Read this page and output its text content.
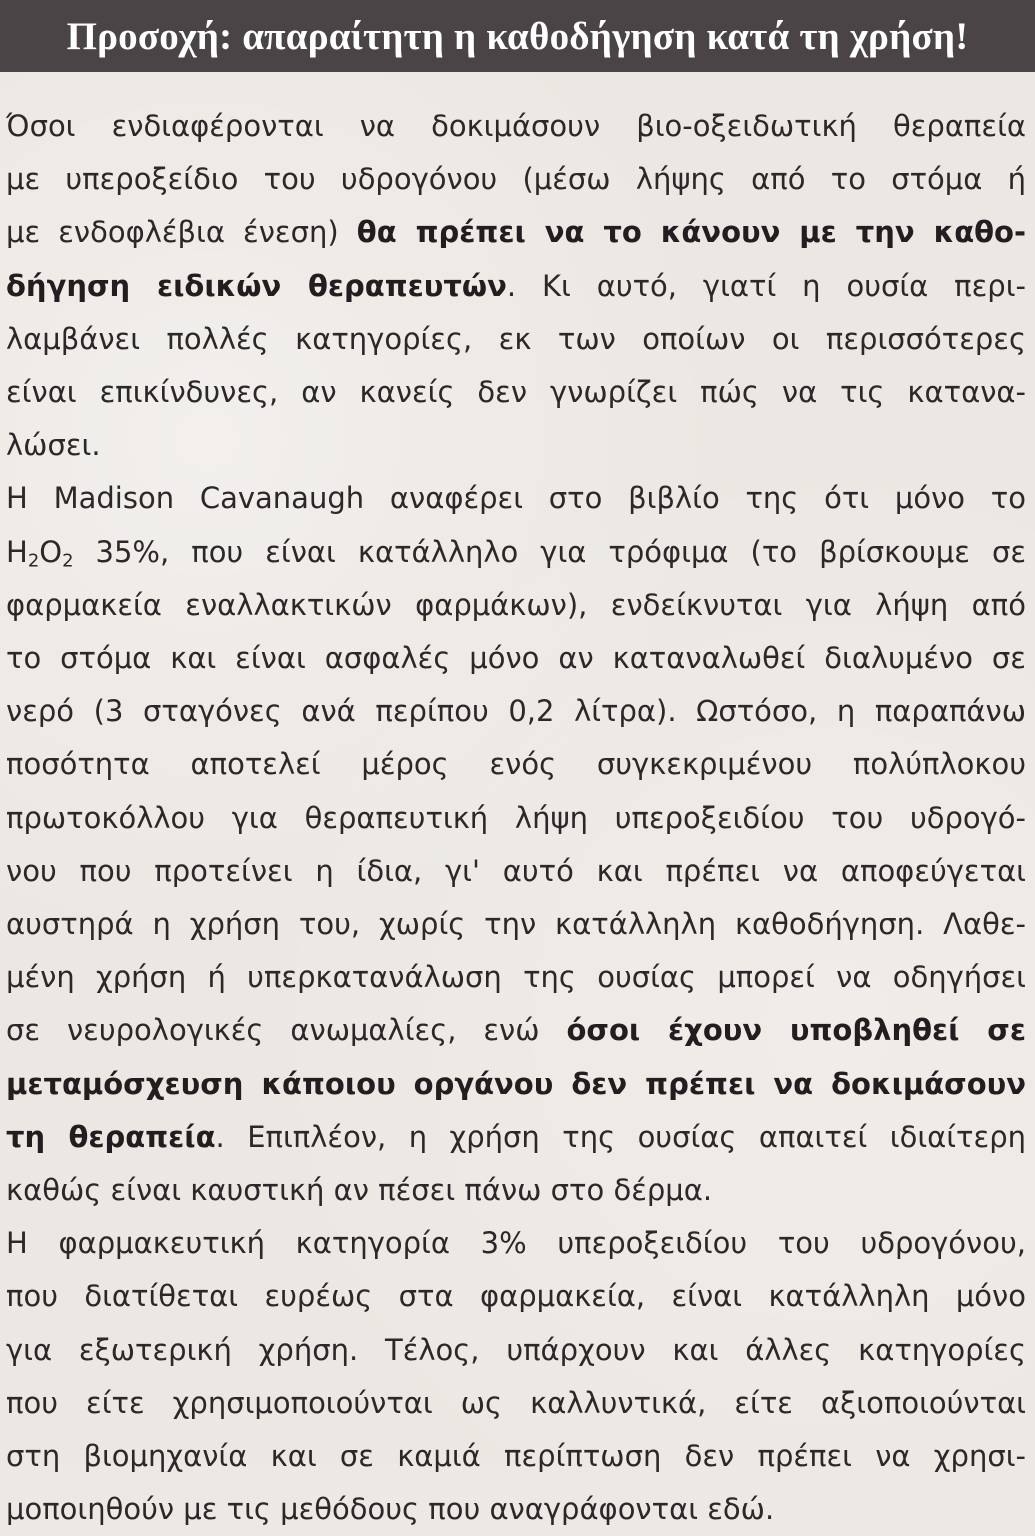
Προσοχή: απαραίτητη η καθοδήγηση κατά τη χρήση!

Όσοι ενδιαφέρονται να δοκιμάσουν βιο-οξειδωτική θεραπεία
με υπεροξείδιο του υδρογόνου (μέσω λήψης από το στόμα ή
με ενδοφλέβια ένεση) θα πρέπει να το κάνουν με την καθο-
δήγηση ειδικών θεραπευτών. Κι αυτό, γιατί η ουσία περι-
λαμβάνει πολλές κατηγορίες, εκ των οποίων οι περισσότερες
είναι επικίνδυνες, αν κανείς δεν γνωρίζει πώς να τις κατανα-
λώσει.

Η Madison Cavanaugh αναφέρει στο βιβλίο της ότι μόνο το
$H_2O_2$ 35%, που είναι κατάλληλο για τρόφιμα (το βρίσκουμε σε
φαρμακεία εναλλακτικών φαρμάκων), ενδείκνυται για λήψη από
το στόμα και είναι ασφαλές μόνο αν καταναλωθεί διαλυμένο σε
νερό (3 σταγόνες ανά περίπου 0,2 λίτρα). Ωστόσο, η παραπάνω
ποσότητα αποτελεί μέρος ενός συγκεκριμένου πολύπλοκου
πρωτοκόλλου για θεραπευτική λήψη υπεροξειδίου του υδρογό-
νου που προτείνει η ίδια, γι' αυτό και πρέπει να αποφεύγεται
αυστηρά η χρήση του, χωρίς την κατάλληλη καθοδήγηση. Λαθε-
μένη χρήση ή υπερκατανάλωση της ουσίας μπορεί να οδηγήσει
σε νευρολογικές ανωμαλίες, ενώ όσοι έχουν υποβληθεί σε
μεταμόσχευση κάποιου οργάνου δεν πρέπει να δοκιμάσουν
τη θεραπεία. Επιπλέον, η χρήση της ουσίας απαιτεί ιδιαίτερη
καθώς είναι καυστική αν πέσει πάνω στο δέρμα.

Η φαρμακευτική κατηγορία 3% υπεροξειδίου του υδρογόνου,
που διατίθεται ευρέως στα φαρμακεία, είναι κατάλληλη μόνο
για εξωτερική χρήση. Τέλος, υπάρχουν και άλλες κατηγορίες
που είτε χρησιμοποιούνται ως καλλυντικά, είτε αξιοποιούνται
στη βιομηχανία και σε καμιά περίπτωση δεν πρέπει να χρησι-
μοποιηθούν με τις μεθόδους που αναγράφονται εδώ.
